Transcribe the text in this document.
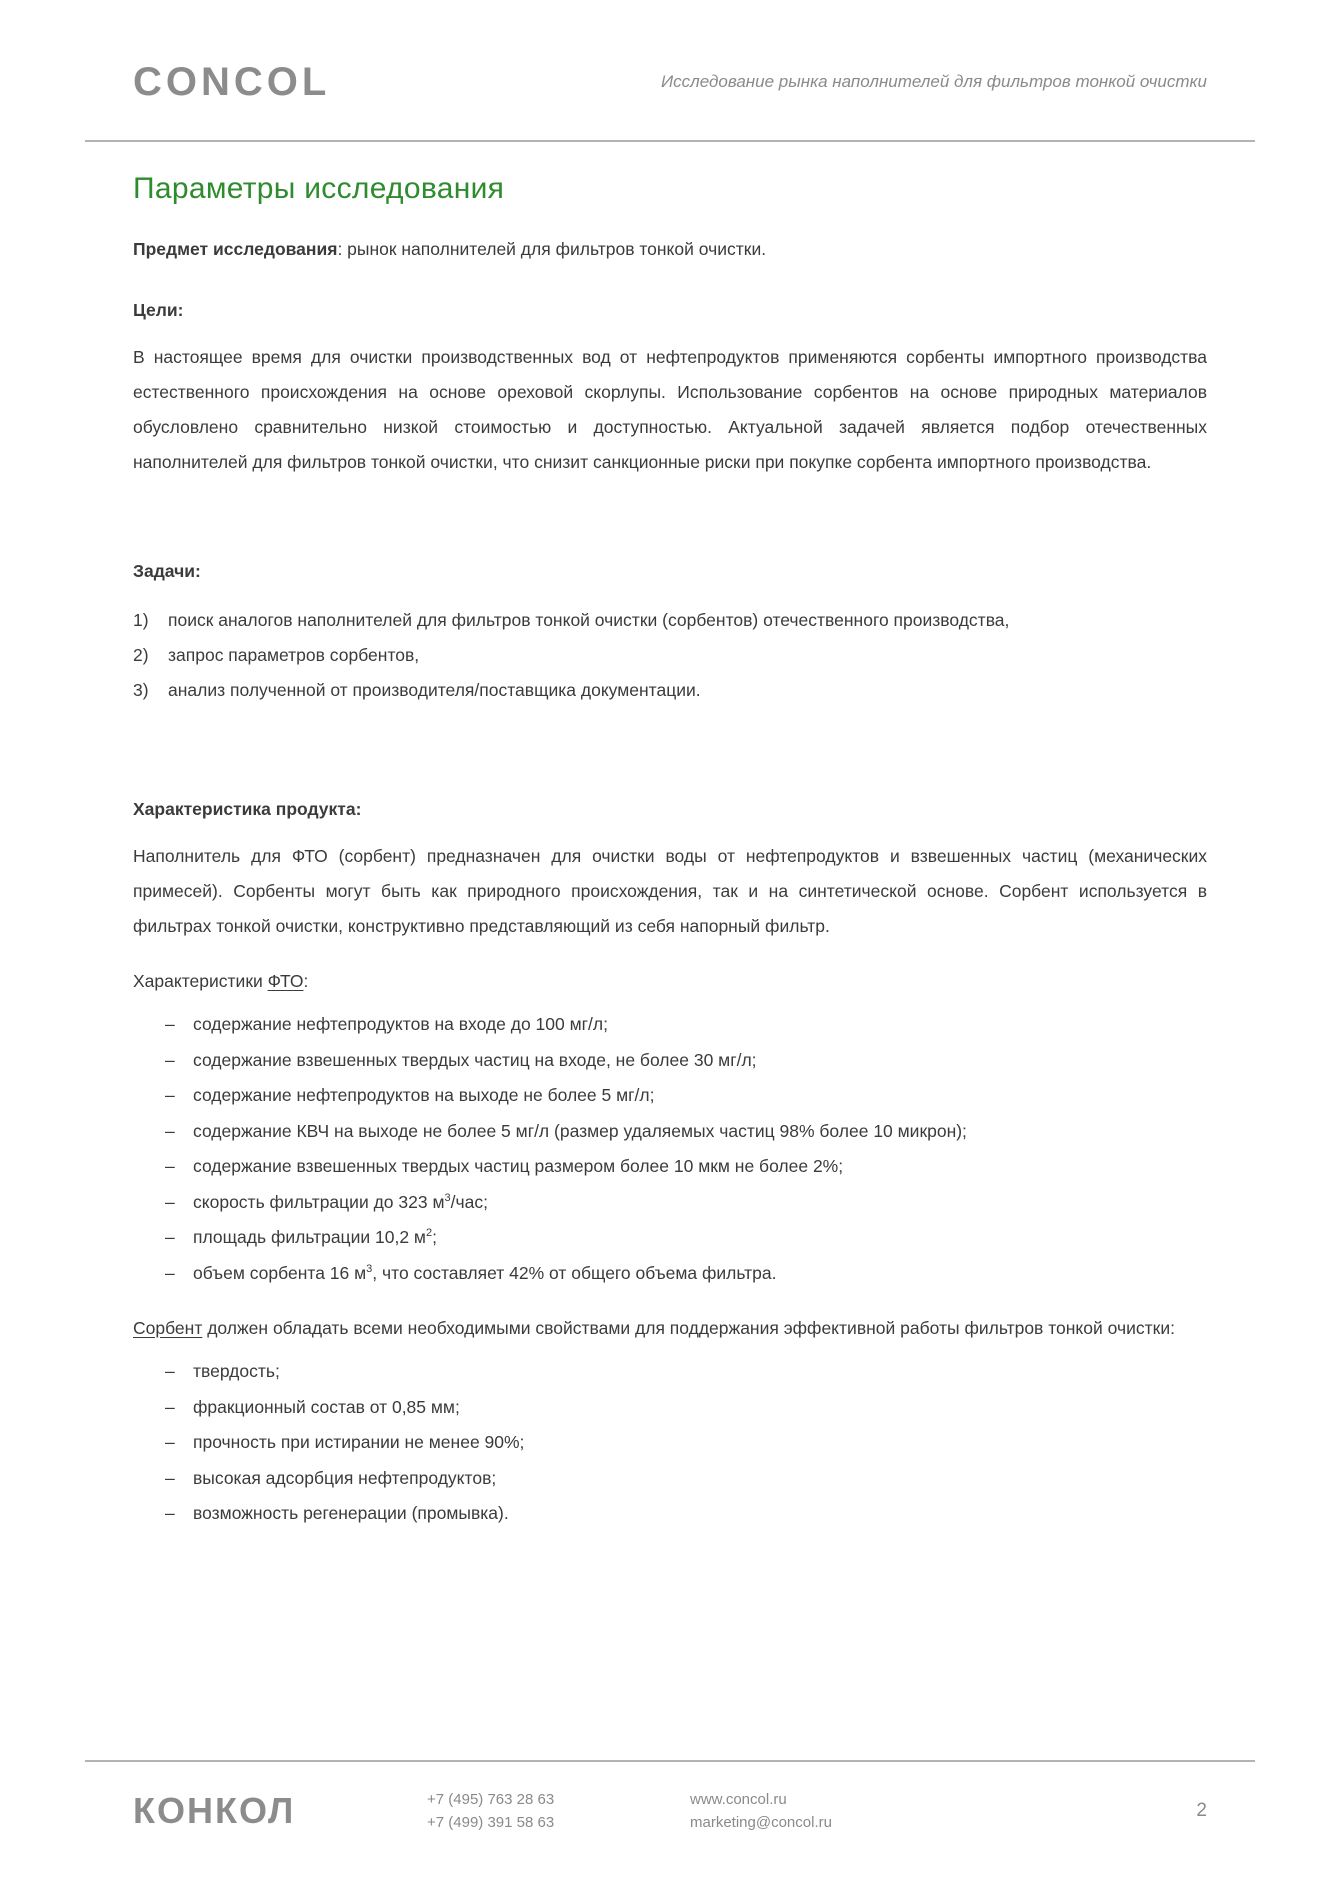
CONCOL	Исследование рынка наполнителей для фильтров тонкой очистки
Параметры исследования

Предмет исследования: рынок наполнителей для фильтров тонкой очистки.

Цели:

В настоящее время для очистки производственных вод от нефтепродуктов применяются сорбенты импортного производства естественного происхождения на основе ореховой скорлупы. Использование сорбентов на основе природных материалов обусловлено сравнительно низкой стоимостью и доступностью. Актуальной задачей является подбор отечественных наполнителей для фильтров тонкой очистки, что снизит санкционные риски при покупке сорбента импортного производства.

Задачи:

1)	поиск аналогов наполнителей для фильтров тонкой очистки (сорбентов) отечественного производства,
2)	запрос параметров сорбентов,
3)	анализ полученной от производителя/поставщика документации.

Характеристика продукта:

Наполнитель для ФТО (сорбент) предназначен для очистки воды от нефтепродуктов и взвешенных частиц (механических примесей). Сорбенты могут быть как природного происхождения, так и на синтетической основе. Сорбент используется в фильтрах тонкой очистки, конструктивно представляющий из себя напорный фильтр.

Характеристики ФТО:

–	содержание нефтепродуктов на входе до 100 мг/л;
–	содержание взвешенных твердых частиц на входе, не более 30 мг/л;
–	содержание нефтепродуктов на выходе не более 5 мг/л;
–	содержание КВЧ на выходе не более 5 мг/л (размер удаляемых частиц 98% более 10 микрон);
–	содержание взвешенных твердых частиц размером более 10 мкм не более 2%;
–	скорость фильтрации до 323 $м^3$/час;
–	площадь фильтрации 10,2 $м^2$;
–	объем сорбента 16 $м^3$, что составляет 42% от общего объема фильтра.

Сорбент должен обладать всеми необходимыми свойствами для поддержания эффективной работы фильтров тонкой очистки:

–	твердость;
–	фракционный состав от 0,85 мм;
–	прочность при истирании не менее 90%;
–	высокая адсорбция нефтепродуктов;
–	возможность регенерации (промывка).
КОНКОЛ	+7 (495) 763 28 63
+7 (499) 391 58 63
www.concol.ru
marketing@concol.ru
2
